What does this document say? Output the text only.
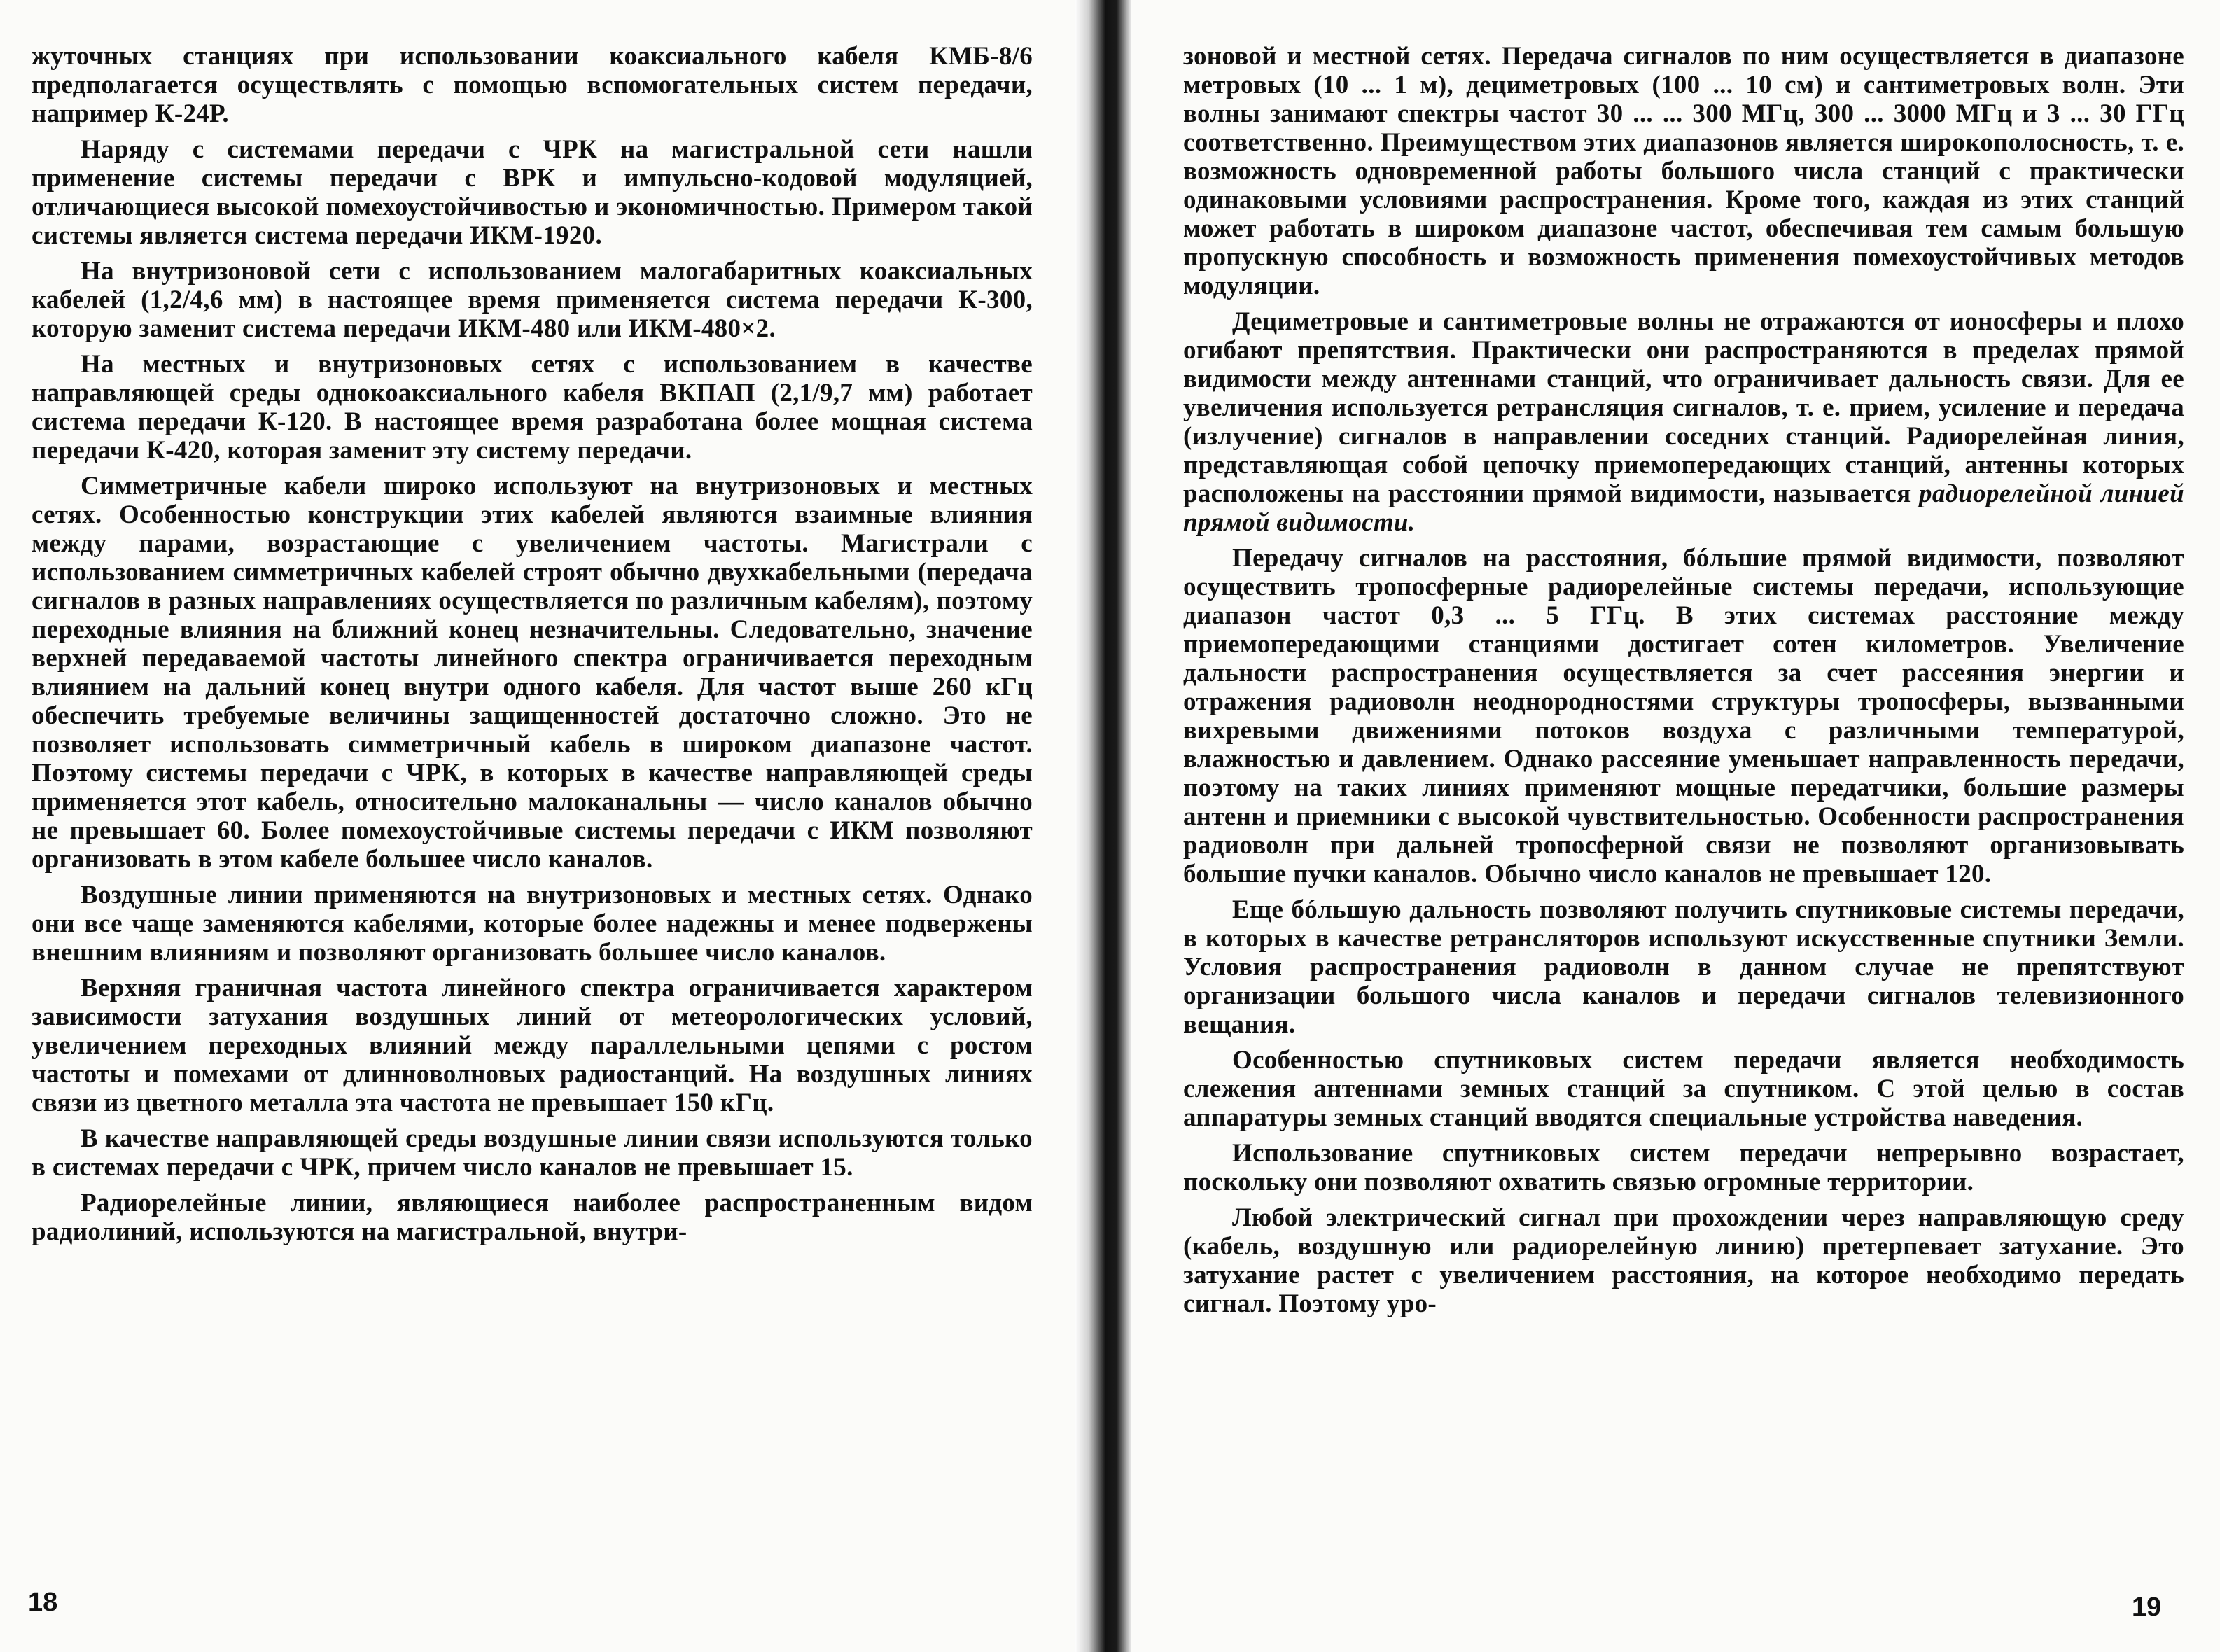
жуточных станциях при использовании коаксиального кабеля КМБ-8/6 предполагается осуществлять с помощью вспомогательных систем передачи, например К-24Р.

Наряду с системами передачи с ЧРК на магистральной сети нашли применение системы передачи с ВРК и импульсно-кодовой модуляцией, отличающиеся высокой помехоустойчивостью и экономичностью. Примером такой системы является система передачи ИКМ-1920.

На внутризоновой сети с использованием малогабаритных коаксиальных кабелей (1,2/4,6 мм) в настоящее время применяется система передачи К-300, которую заменит система передачи ИКМ-480 или ИКМ-480×2.

На местных и внутризоновых сетях с использованием в качестве направляющей среды однокоаксиального кабеля ВКПАП (2,1/9,7 мм) работает система передачи К-120. В настоящее время разработана более мощная система передачи К-420, которая заменит эту систему передачи.

Симметричные кабели широко используют на внутризоновых и местных сетях. Особенностью конструкции этих кабелей являются взаимные влияния между парами, возрастающие с увеличением частоты. Магистрали с использованием симметричных кабелей строят обычно двухкабельными (передача сигналов в разных направлениях осуществляется по различным кабелям), поэтому переходные влияния на ближний конец незначительны. Следовательно, значение верхней передаваемой частоты линейного спектра ограничивается переходным влиянием на дальний конец внутри одного кабеля. Для частот выше 260 кГц обеспечить требуемые величины защищенностей достаточно сложно. Это не позволяет использовать симметричный кабель в широком диапазоне частот. Поэтому системы передачи с ЧРК, в которых в качестве направляющей среды применяется этот кабель, относительно малоканальны — число каналов обычно не превышает 60. Более помехоустойчивые системы передачи с ИКМ позволяют организовать в этом кабеле большее число каналов.

Воздушные линии применяются на внутризоновых и местных сетях. Однако они все чаще заменяются кабелями, которые более надежны и менее подвержены внешним влияниям и позволяют организовать большее число каналов.

Верхняя граничная частота линейного спектра ограничивается характером зависимости затухания воздушных линий от метеорологических условий, увеличением переходных влияний между параллельными цепями с ростом частоты и помехами от длинноволновых радиостанций. На воздушных линиях связи из цветного металла эта частота не превышает 150 кГц.

В качестве направляющей среды воздушные линии связи используются только в системах передачи с ЧРК, причем число каналов не превышает 15.

Радиорелейные линии, являющиеся наиболее распространенным видом радиолиний, используются на магистральной, внутри-

18

зоновой и местной сетях. Передача сигналов по ним осуществляется в диапазоне метровых (10 ... 1 м), дециметровых (100 ... 10 см) и сантиметровых волн. Эти волны занимают спектры частот 30 ... ... 300 МГц, 300 ... 3000 МГц и 3 ... 30 ГГц соответственно. Преимуществом этих диапазонов является широкополосность, т. е. возможность одновременной работы большого числа станций с практически одинаковыми условиями распространения. Кроме того, каждая из этих станций может работать в широком диапазоне частот, обеспечивая тем самым большую пропускную способность и возможность применения помехоустойчивых методов модуляции.

Дециметровые и сантиметровые волны не отражаются от ионосферы и плохо огибают препятствия. Практически они распространяются в пределах прямой видимости между антеннами станций, что ограничивает дальность связи. Для ее увеличения используется ретрансляция сигналов, т. е. прием, усиление и передача (излучение) сигналов в направлении соседних станций. Радиорелейная линия, представляющая собой цепочку приемопередающих станций, антенны которых расположены на расстоянии прямой видимости, называется радиорелейной линией прямой видимости.

Передачу сигналов на расстояния, бóльшие прямой видимости, позволяют осуществить тропосферные радиорелейные системы передачи, использующие диапазон частот 0,3 ... 5 ГГц. В этих системах расстояние между приемопередающими станциями достигает сотен километров. Увеличение дальности распространения осуществляется за счет рассеяния энергии и отражения радиоволн неоднородностями структуры тропосферы, вызванными вихревыми движениями потоков воздуха с различными температурой, влажностью и давлением. Однако рассеяние уменьшает направленность передачи, поэтому на таких линиях применяют мощные передатчики, большие размеры антенн и приемники с высокой чувствительностью. Особенности распространения радиоволн при дальней тропосферной связи не позволяют организовывать большие пучки каналов. Обычно число каналов не превышает 120.

Еще бóльшую дальность позволяют получить спутниковые системы передачи, в которых в качестве ретрансляторов используют искусственные спутники Земли. Условия распространения радиоволн в данном случае не препятствуют организации большого числа каналов и передачи сигналов телевизионного вещания.

Особенностью спутниковых систем передачи является необходимость слежения антеннами земных станций за спутником. С этой целью в состав аппаратуры земных станций вводятся специальные устройства наведения.

Использование спутниковых систем передачи непрерывно возрастает, поскольку они позволяют охватить связью огромные территории.

Любой электрический сигнал при прохождении через направляющую среду (кабель, воздушную или радиорелейную линию) претерпевает затухание. Это затухание растет с увеличением расстояния, на которое необходимо передать сигнал. Поэтому уро-

19
